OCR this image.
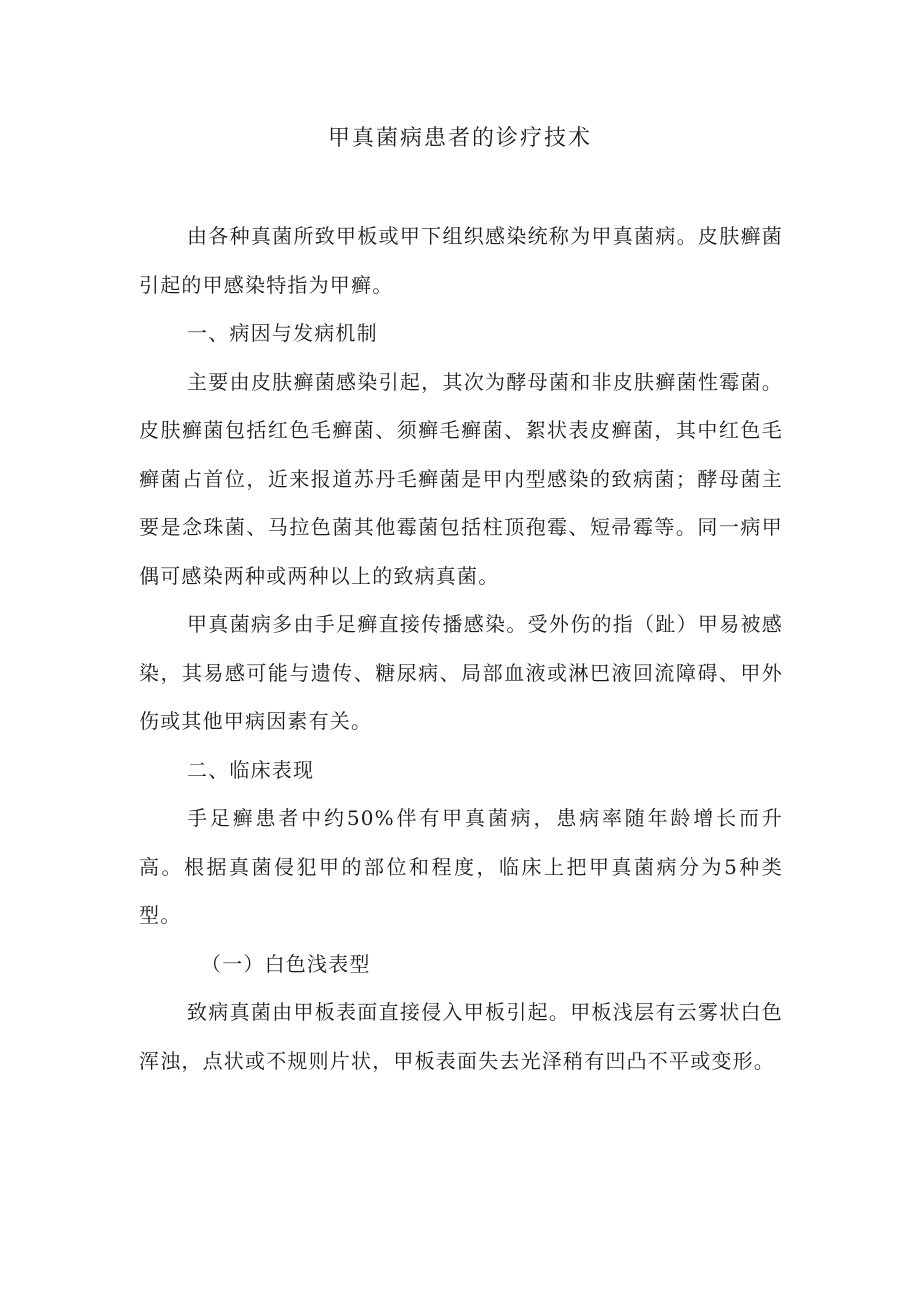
甲真菌病患者的诊疗技术

由各种真菌所致甲板或甲下组织感染统称为甲真菌病。皮肤癣菌引起的甲感染特指为甲癣。

一、病因与发病机制

主要由皮肤癣菌感染引起，其次为酵母菌和非皮肤癣菌性霉菌。皮肤癣菌包括红色毛癣菌、须癣毛癣菌、絮状表皮癣菌，其中红色毛癣菌占首位，近来报道苏丹毛癣菌是甲内型感染的致病菌；酵母菌主要是念珠菌、马拉色菌其他霉菌包括柱顶孢霉、短帚霉等。同一病甲偶可感染两种或两种以上的致病真菌。

甲真菌病多由手足癣直接传播感染。受外伤的指（趾）甲易被感染，其易感可能与遗传、糖尿病、局部血液或淋巴液回流障碍、甲外伤或其他甲病因素有关。

二、临床表现

手足癣患者中约50%伴有甲真菌病，患病率随年龄增长而升高。根据真菌侵犯甲的部位和程度，临床上把甲真菌病分为5种类型。

（一）白色浅表型

致病真菌由甲板表面直接侵入甲板引起。甲板浅层有云雾状白色浑浊，点状或不规则片状，甲板表面失去光泽稍有凹凸不平或变形。
